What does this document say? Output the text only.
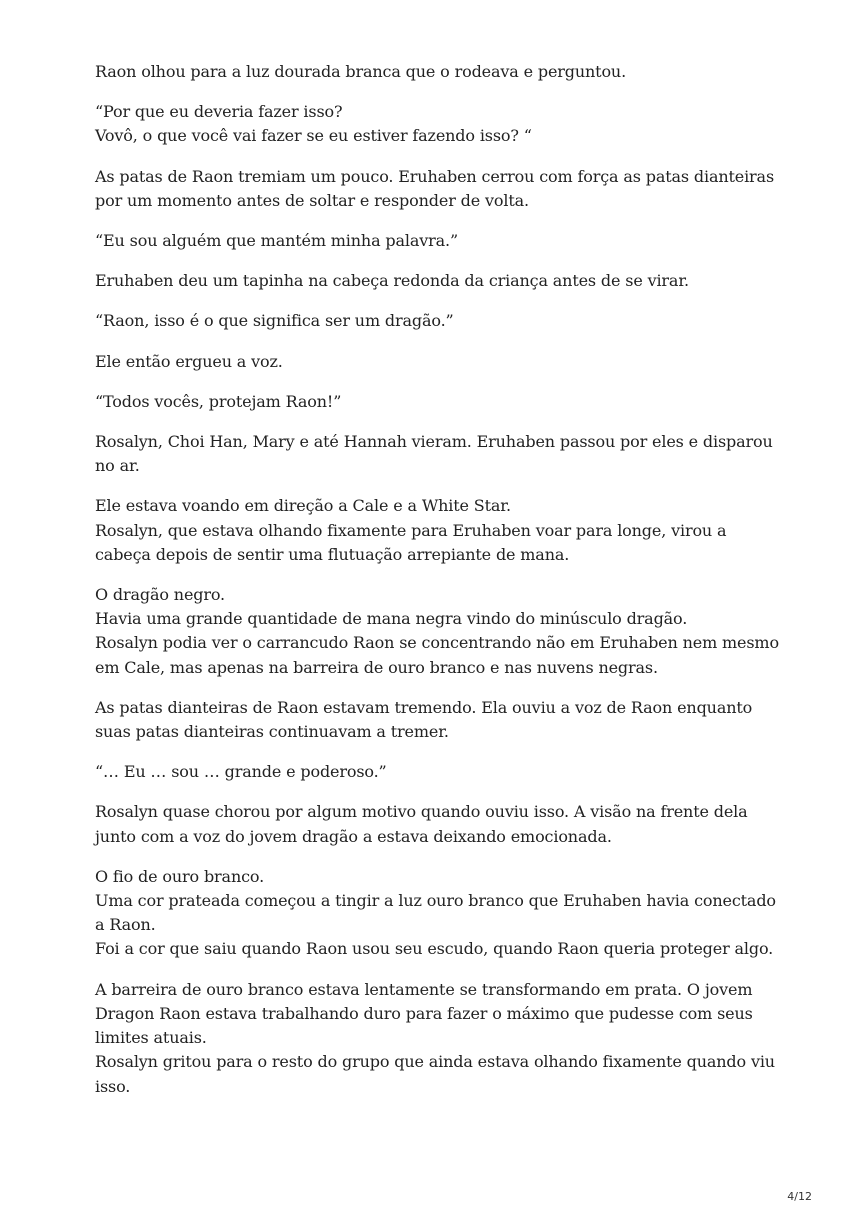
Raon olhou para a luz dourada branca que o rodeava e perguntou.

“Por que eu deveria fazer isso?
Vovô, o que você vai fazer se eu estiver fazendo isso? “

As patas de Raon tremiam um pouco. Eruhaben cerrou com força as patas dianteiras por um momento antes de soltar e responder de volta.

“Eu sou alguém que mantém minha palavra.”

Eruhaben deu um tapinha na cabeça redonda da criança antes de se virar.

“Raon, isso é o que significa ser um dragão.”

Ele então ergueu a voz.

“Todos vocês, protejam Raon!”

Rosalyn, Choi Han, Mary e até Hannah vieram. Eruhaben passou por eles e disparou no ar.

Ele estava voando em direção a Cale e a White Star.
Rosalyn, que estava olhando fixamente para Eruhaben voar para longe, virou a cabeça depois de sentir uma flutuação arrepiante de mana.

O dragão negro.
Havia uma grande quantidade de mana negra vindo do minúsculo dragão.
Rosalyn podia ver o carrancudo Raon se concentrando não em Eruhaben nem mesmo em Cale, mas apenas na barreira de ouro branco e nas nuvens negras.

As patas dianteiras de Raon estavam tremendo. Ela ouviu a voz de Raon enquanto suas patas dianteiras continuavam a tremer.

“… Eu … sou … grande e poderoso.”

Rosalyn quase chorou por algum motivo quando ouviu isso. A visão na frente dela junto com a voz do jovem dragão a estava deixando emocionada.

O fio de ouro branco.
Uma cor prateada começou a tingir a luz ouro branco que Eruhaben havia conectado a Raon.
Foi a cor que saiu quando Raon usou seu escudo, quando Raon queria proteger algo.

A barreira de ouro branco estava lentamente se transformando em prata. O jovem Dragon Raon estava trabalhando duro para fazer o máximo que pudesse com seus limites atuais.
Rosalyn gritou para o resto do grupo que ainda estava olhando fixamente quando viu isso.

4/12
